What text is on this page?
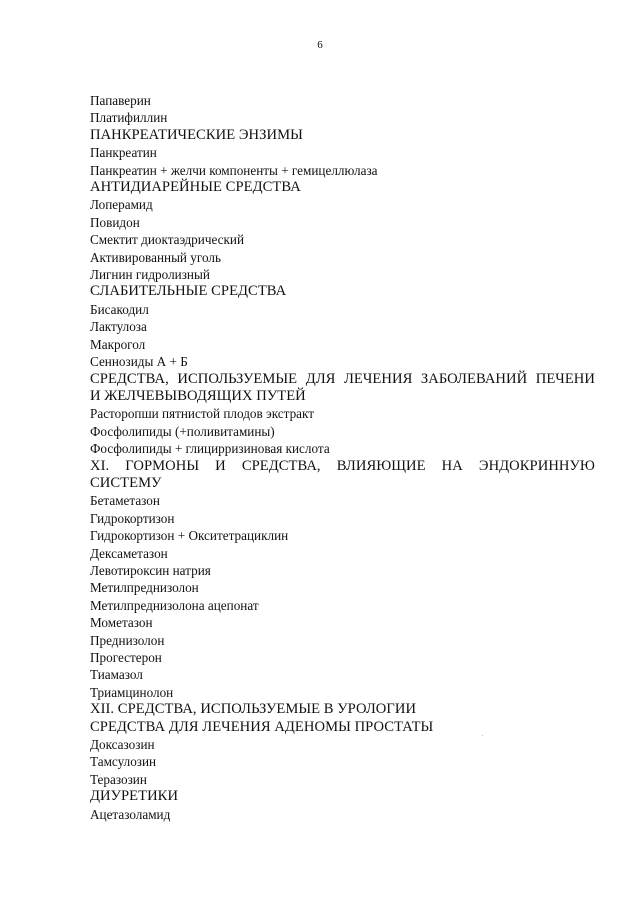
6
Папаверин
Платифиллин
ПАНКРЕАТИЧЕСКИЕ ЭНЗИМЫ
Панкреатин
Панкреатин + желчи компоненты + гемицеллюлаза
АНТИДИАРЕЙНЫЕ СРЕДСТВА
Лоперамид
Повидон
Смектит диоктаэдрический
Активированный уголь
Лигнин гидролизный
СЛАБИТЕЛЬНЫЕ СРЕДСТВА
Бисакодил
Лактулоза
Макрогол
Сеннозиды А + Б
СРЕДСТВА, ИСПОЛЬЗУЕМЫЕ ДЛЯ ЛЕЧЕНИЯ ЗАБОЛЕВАНИЙ ПЕЧЕНИ
И ЖЕЛЧЕВЫВОДЯЩИХ ПУТЕЙ
Расторопши пятнистой плодов экстракт
Фосфолипиды (+поливитамины)
Фосфолипиды + глицирризиновая кислота
XI. ГОРМОНЫ И СРЕДСТВА, ВЛИЯЮЩИЕ НА ЭНДОКРИННУЮ
СИСТЕМУ
Бетаметазон
Гидрокортизон
Гидрокортизон + Окситетрациклин
Дексаметазон
Левотироксин натрия
Метилпреднизолон
Метилпреднизолона ацепонат
Мометазон
Преднизолон
Прогестерон
Тиамазол
Триамцинолон
XII. СРЕДСТВА, ИСПОЛЬЗУЕМЫЕ В УРОЛОГИИ
СРЕДСТВА ДЛЯ ЛЕЧЕНИЯ АДЕНОМЫ ПРОСТАТЫ
Доксазозин
Тамсулозин
Теразозин
ДИУРЕТИКИ
Ацетазоламид
